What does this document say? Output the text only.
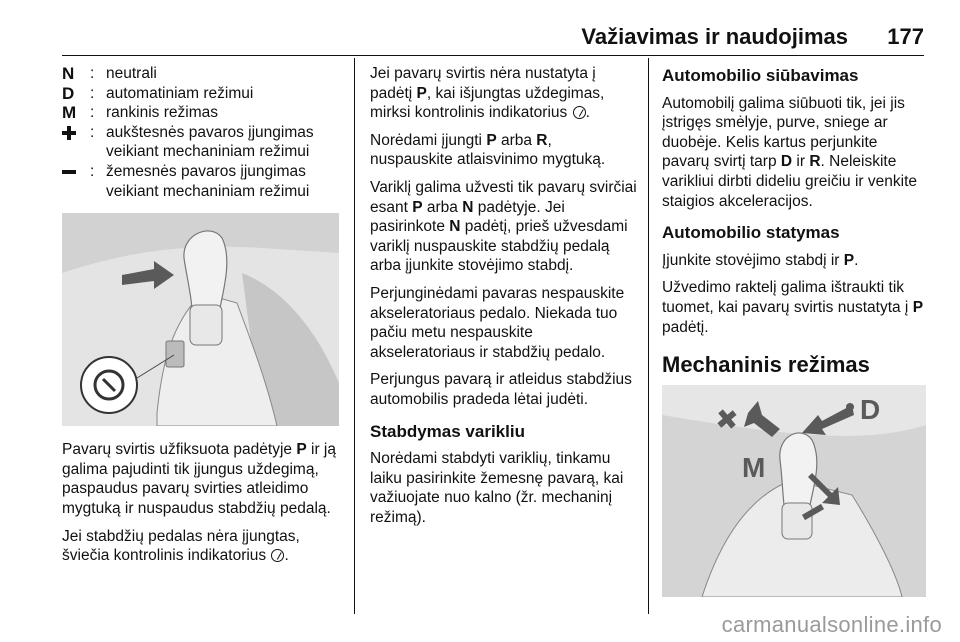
Važiavimas ir naudojimas 177
N	: neutrali
D	: automatiniam režimui
M : rankinis režimas
: aukštesnės pavaros įjungimas veikiant mechaniniam režimui
: žemesnės pavaros įjungimas veikiant mechaniniam režimui

Pavarų svirtis užfiksuota padėtyje P ir ją galima pajudinti tik įjungus uždegimą, paspaudus pavarų svirties atleidimo mygtuką ir nuspaudus stabdžių pedalą.

Jei stabdžių pedalas nėra įjungtas, šviečia kontrolinis indikatorius .

Jei pavarų svirtis nėra nustatyta į padėtį P, kai išjungtas uždegimas, mirksi kontrolinis indikatorius .

Norėdami įjungti P arba R, nuspauskite atlaisvinimo mygtuką.

Variklį galima užvesti tik pavarų svirčiai esant P arba N padėtyje. Jei pasirinkote N padėtį, prieš užvesdami variklį nuspauskite stabdžių pedalą arba įjunkite stovėjimo stabdį.

Perjunginėdami pavaras nespauskite akseleratoriaus pedalo. Niekada tuo pačiu metu nespauskite akseleratoriaus ir stabdžių pedalo.

Perjungus pavarą ir atleidus stabdžius automobilis pradeda lėtai judėti.

Stabdymas varikliu

Norėdami stabdyti variklių, tinkamu laiku pasirinkite žemesnę pavarą, kai važiuojate nuo kalno (žr. mechaninį režimą).

Automobilio siūbavimas

Automobilį galima siūbuoti tik, jei jis įstrigęs smėlyje, purve, sniege ar duobėje. Kelis kartus perjunkite pavarų svirtį tarp D ir R. Neleiskite varikliui dirbti dideliu greičiu ir venkite staigios akceleracijos.

Automobilio statymas

Įjunkite stovėjimo stabdį ir P.

Užvedimo raktelį galima ištraukti tik tuomet, kai pavarų svirtis nustatyta į P padėtį.

Mechaninis režimas
D
M
carmanualsonline.info
